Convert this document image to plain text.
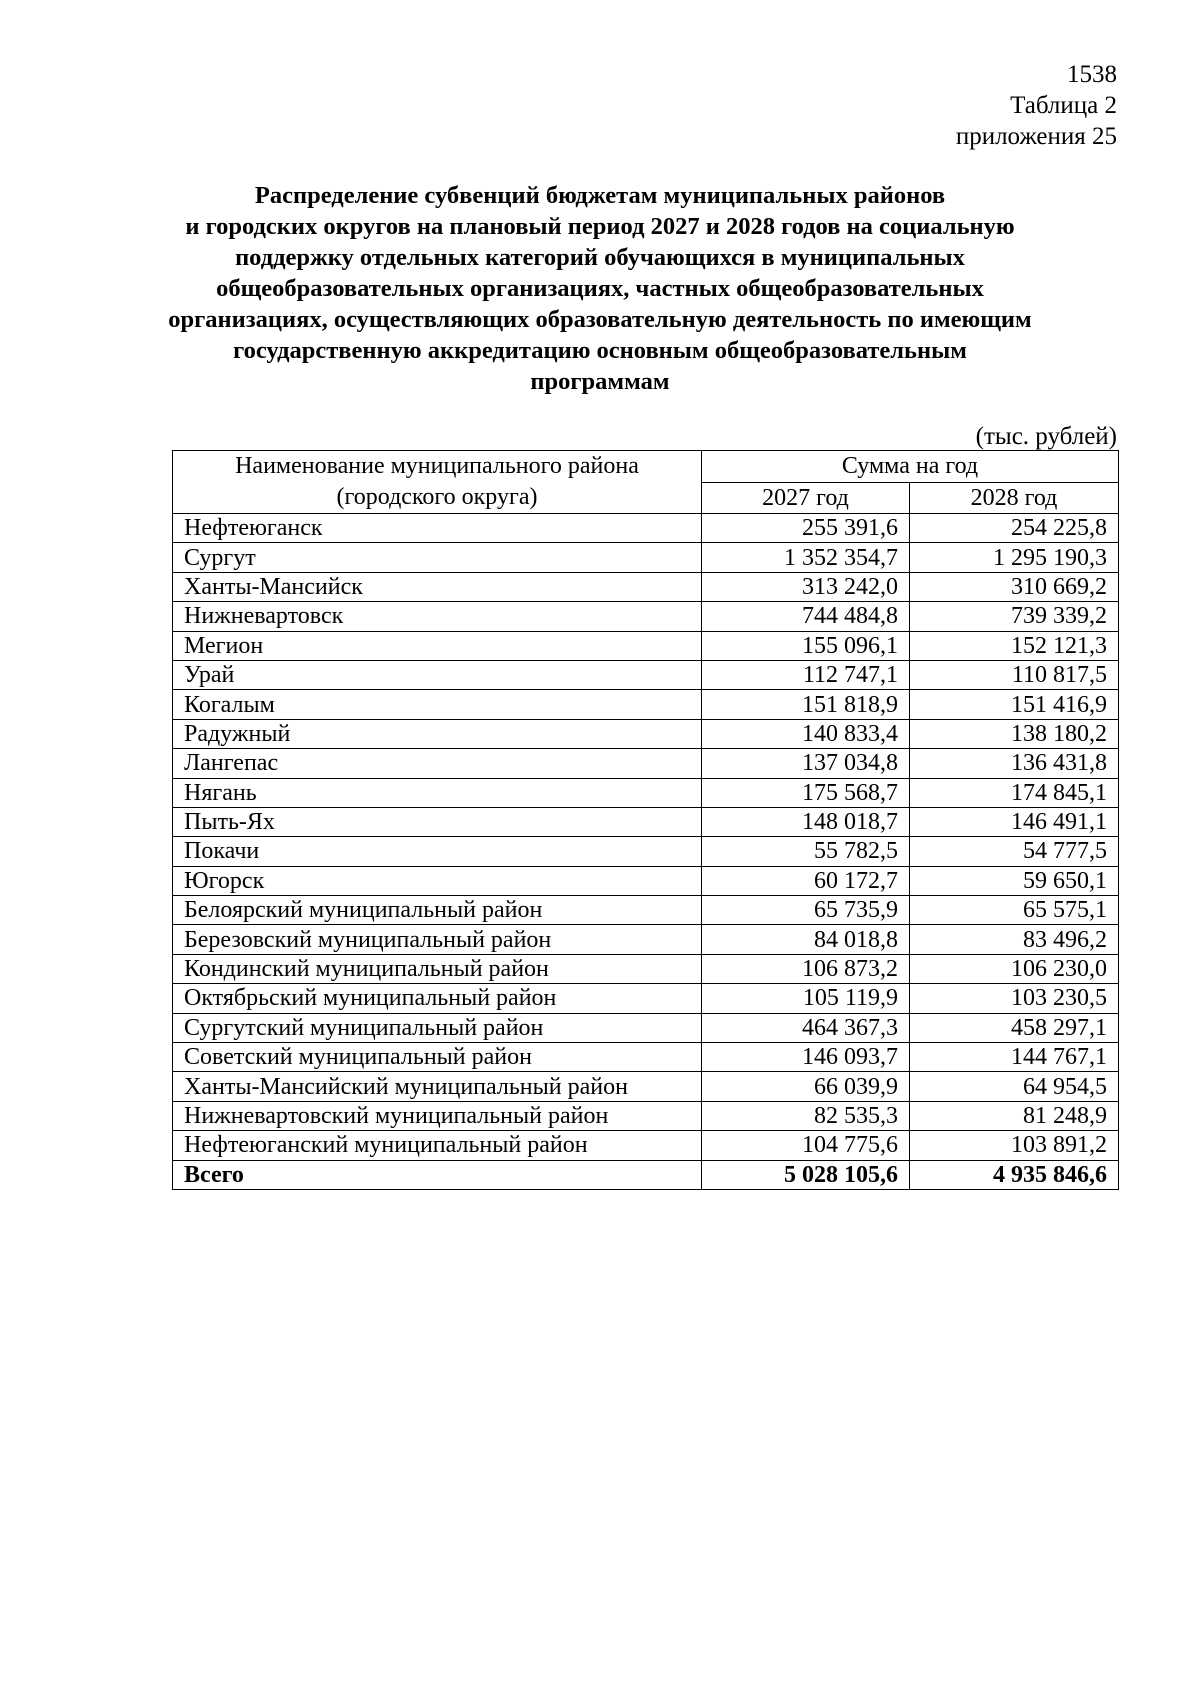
1538
Таблица 2
приложения 25
Распределение субвенций бюджетам муниципальных районов
и городских округов на плановый период 2027 и 2028 годов на социальную
поддержку отдельных категорий обучающихся в муниципальных
общеобразовательных организациях, частных общеобразовательных
организациях, осуществляющих образовательную деятельность по имеющим
государственную аккредитацию основным общеобразовательным
программам
(тыс. рублей)
Наименование муниципального района
(городского округа)	Сумма на год	
	2027 год	2028 год
Нефтеюганск	255 391,6	254 225,8
Сургут	1 352 354,7	1 295 190,3
Ханты-Мансийск	313 242,0	310 669,2
Нижневартовск	744 484,8	739 339,2
Мегион	155 096,1	152 121,3
Урай	112 747,1	110 817,5
Когалым	151 818,9	151 416,9
Радужный	140 833,4	138 180,2
Лангепас	137 034,8	136 431,8
Нягань	175 568,7	174 845,1
Пыть-Ях	148 018,7	146 491,1
Покачи	55 782,5	54 777,5
Югорск	60 172,7	59 650,1
Белоярский муниципальный район	65 735,9	65 575,1
Березовский муниципальный район	84 018,8	83 496,2
Кондинский муниципальный район	106 873,2	106 230,0
Октябрьский муниципальный район	105 119,9	103 230,5
Сургутский муниципальный район	464 367,3	458 297,1
Советский муниципальный район	146 093,7	144 767,1
Ханты-Мансийский муниципальный район	66 039,9	64 954,5
Нижневартовский муниципальный район	82 535,3	81 248,9
Нефтеюганский муниципальный район	104 775,6	103 891,2
Всего	5 028 105,6	4 935 846,6
